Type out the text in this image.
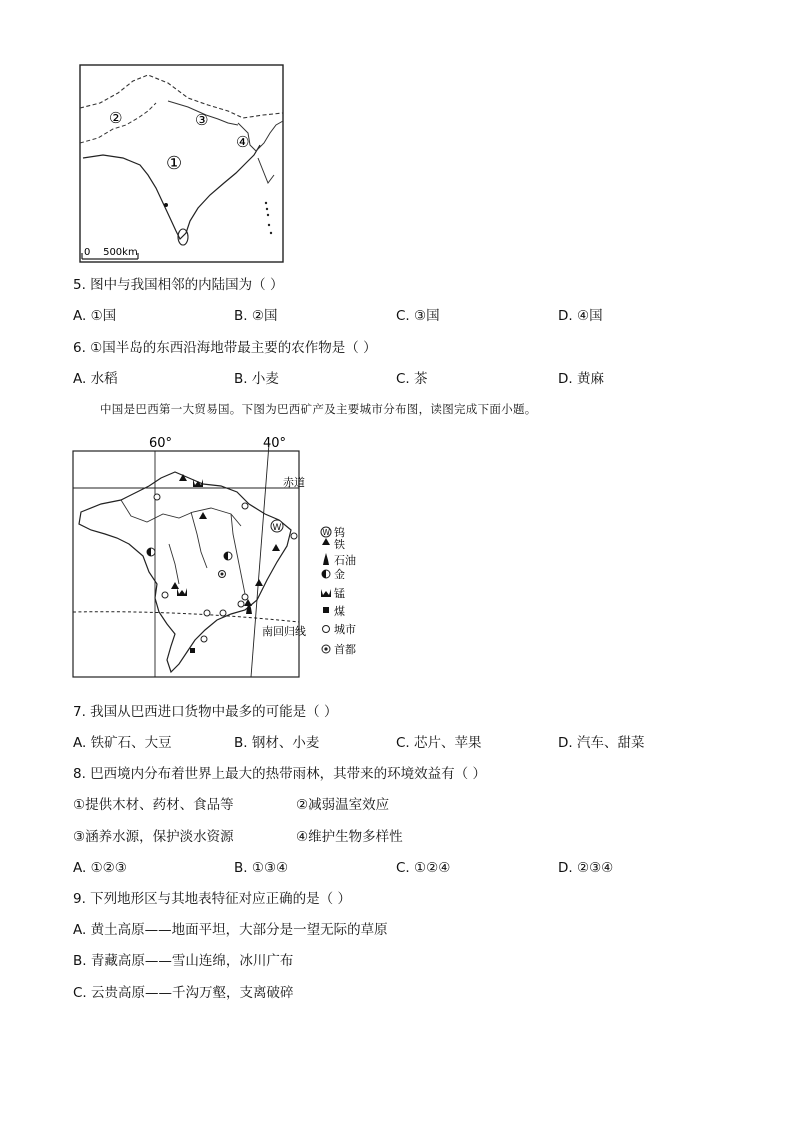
②	③
④
①
0    500km
5. 图中与我国相邻的内陆国为（ ）
A. ①国	B. ②国	C. ③国	D. ④国
6. ①国半岛的东西沿海地带最主要的农作物是（ ）
A. 水稻	B. 小麦	C. 茶	D. 黄麻
中国是巴西第一大贸易国。下图为巴西矿产及主要城市分布图，读图完成下面小题。
60°	40°
赤道
南回归线
W	W 钨
铁
石油
金
锰
煤
城市
首都
7. 我国从巴西进口货物中最多的可能是（ ）
A. 铁矿石、大豆	B. 钢材、小麦	C. 芯片、苹果	D. 汽车、甜菜
8. 巴西境内分布着世界上最大的热带雨林，其带来的环境效益有（ ）
①提供木材、药材、食品等	②减弱温室效应
③涵养水源，保护淡水资源	④维护生物多样性
A. ①②③	B. ①③④	C. ①②④	D. ②③④
9. 下列地形区与其地表特征对应正确的是（ ）
A. 黄土高原——地面平坦，大部分是一望无际的草原
B. 青藏高原——雪山连绵，冰川广布
C. 云贵高原——千沟万壑，支离破碎
